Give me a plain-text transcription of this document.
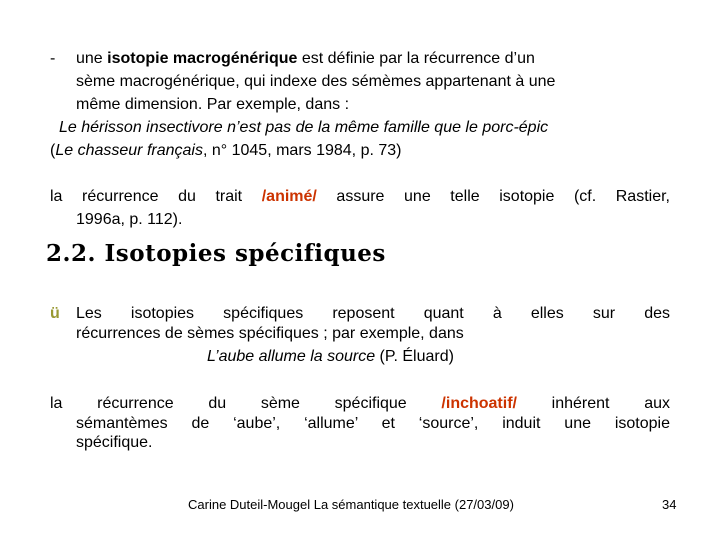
- une isotopie macrogénérique est définie par la récurrence d’un
sème macrogénérique, qui indexe des sémèmes appartenant à une
même dimension. Par exemple, dans :
Le hérisson insectivore n’est pas de la même famille que le porc-épic
(Le chasseur français, n° 1045, mars 1984, p. 73)
la récurrence du trait /animé/ assure une telle isotopie (cf. Rastier,
1996a, p. 112).
2.2. Isotopies spécifiques
ü Les isotopies spécifiques reposent quant à elles sur des
récurrences de sèmes spécifiques ; par exemple, dans
L’aube allume la source (P. Éluard)
la récurrence du sème spécifique /inchoatif/ inhérent aux
sémantèmes de ‘aube’, ‘allume’ et ‘source’, induit une isotopie
spécifique.
Carine Duteil-Mougel La sémantique textuelle (27/03/09)	34
